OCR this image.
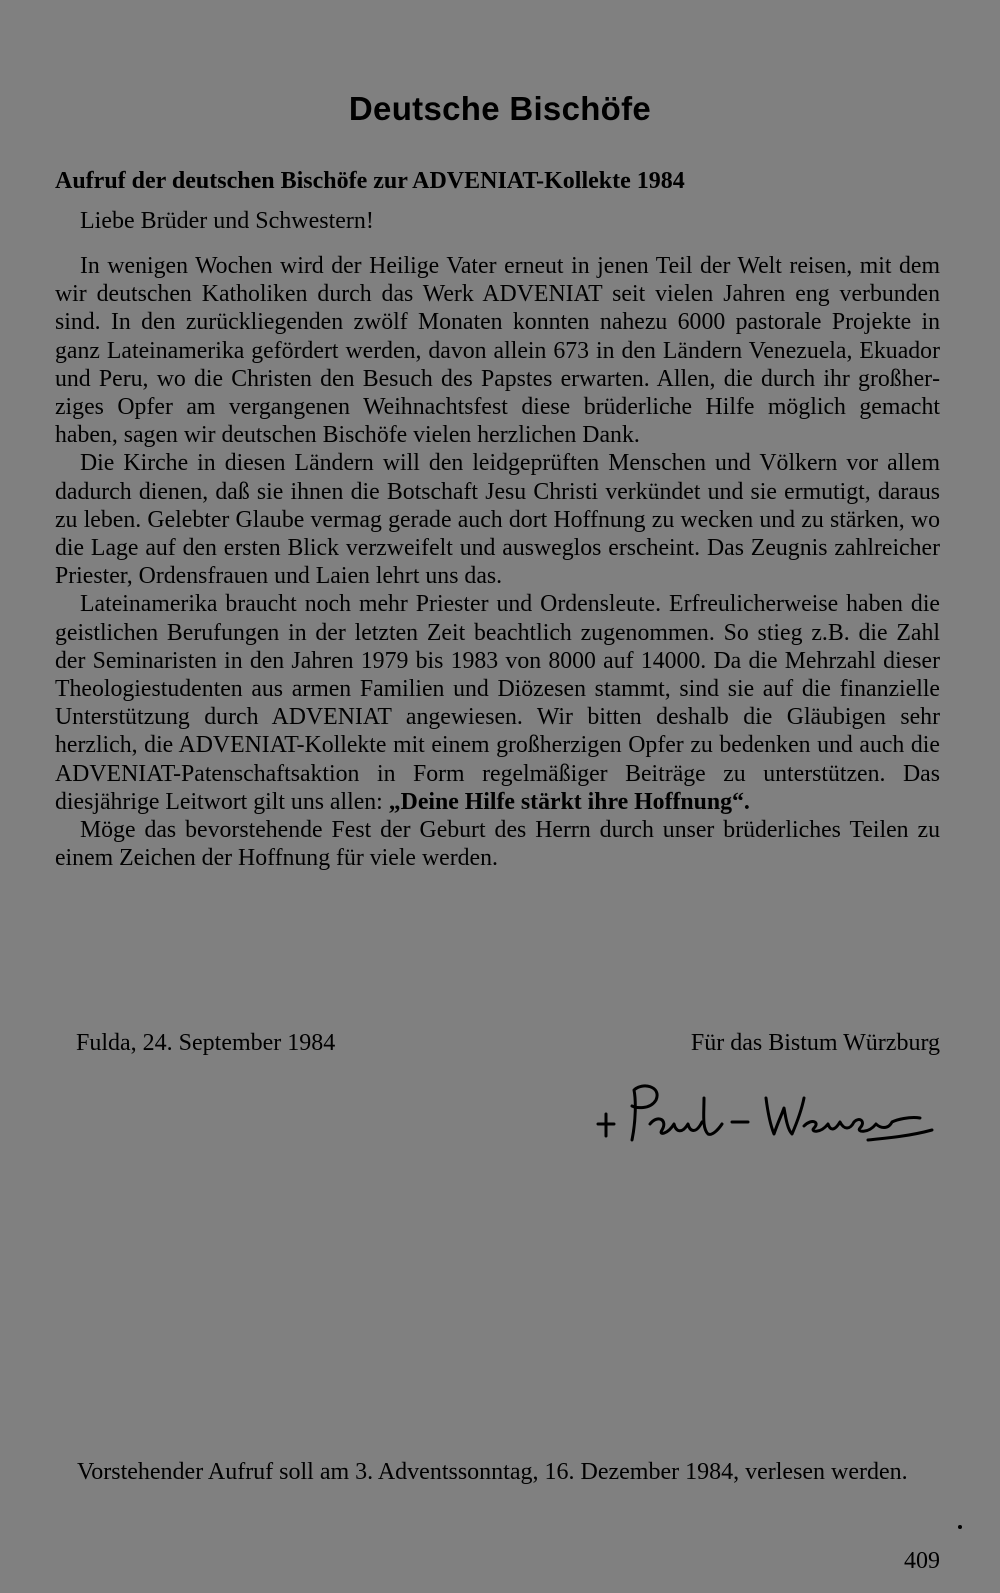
Deutsche Bischöfe
Aufruf der deutschen Bischöfe zur ADVENIAT-Kollekte 1984
Liebe Brüder und Schwestern!

In wenigen Wochen wird der Heilige Vater erneut in jenen Teil der Welt reisen, mit dem wir deutschen Katholiken durch das Werk ADVENIAT seit vielen Jahren eng verbunden sind. In den zurückliegenden zwölf Monaten konnten nahezu 6000 pastorale Projekte in ganz Lateinamerika gefördert werden, davon allein 673 in den Ländern Venezuela, Ekuador und Peru, wo die Christen den Besuch des Papstes erwarten. Allen, die durch ihr großherziges Opfer am vergangenen Weihnachtsfest diese brüderliche Hilfe möglich gemacht haben, sagen wir deutschen Bischöfe vielen herzlichen Dank.

Die Kirche in diesen Ländern will den leidgeprüften Menschen und Völkern vor allem dadurch dienen, daß sie ihnen die Botschaft Jesu Christi verkündet und sie ermutigt, daraus zu leben. Gelebter Glaube vermag gerade auch dort Hoffnung zu wecken und zu stärken, wo die Lage auf den ersten Blick verzweifelt und ausweglos erscheint. Das Zeugnis zahlreicher Priester, Ordensfrauen und Laien lehrt uns das.

Lateinamerika braucht noch mehr Priester und Ordensleute. Erfreulicherweise haben die geistlichen Berufungen in der letzten Zeit beachtlich zugenommen. So stieg z.B. die Zahl der Seminaristen in den Jahren 1979 bis 1983 von 8000 auf 14000. Da die Mehrzahl dieser Theologiestudenten aus armen Familien und Diözesen stammt, sind sie auf die finanzielle Unterstützung durch ADVENIAT angewiesen. Wir bitten deshalb die Gläubigen sehr herzlich, die ADVENIAT-Kollekte mit einem großherzigen Opfer zu bedenken und auch die ADVENIAT-Patenschaftsaktion in Form regelmäßiger Beiträge zu unterstützen. Das diesjährige Leitwort gilt uns allen: „Deine Hilfe stärkt ihre Hoffnung“.

Möge das bevorstehende Fest der Geburt des Herrn durch unser brüderliches Teilen zu einem Zeichen der Hoffnung für viele werden.

Fulda, 24. September 1984	Für das Bistum Würzburg

Vorstehender Aufruf soll am 3. Adventssonntag, 16. Dezember 1984, verlesen werden.

409
